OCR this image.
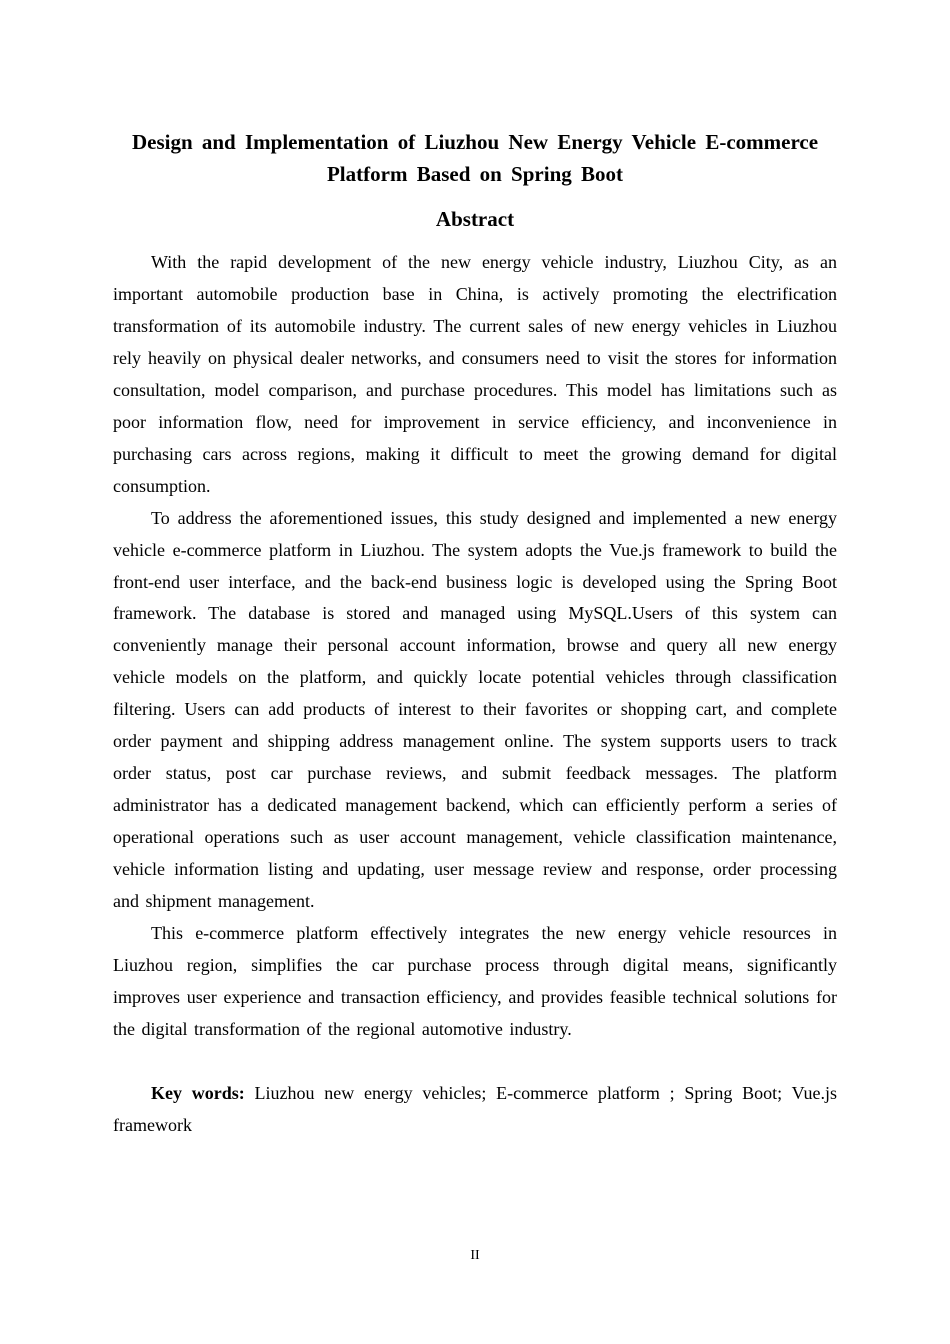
Design and Implementation of Liuzhou New Energy Vehicle E-commerce Platform Based on Spring Boot
Abstract

With the rapid development of the new energy vehicle industry, Liuzhou City, as an important automobile production base in China, is actively promoting the electrification transformation of its automobile industry. The current sales of new energy vehicles in Liuzhou rely heavily on physical dealer networks, and consumers need to visit the stores for information consultation, model comparison, and purchase procedures. This model has limitations such as poor information flow, need for improvement in service efficiency, and inconvenience in purchasing cars across regions, making it difficult to meet the growing demand for digital consumption.

To address the aforementioned issues, this study designed and implemented a new energy vehicle e-commerce platform in Liuzhou. The system adopts the Vue.js framework to build the front-end user interface, and the back-end business logic is developed using the Spring Boot framework. The database is stored and managed using MySQL.Users of this system can conveniently manage their personal account information, browse and query all new energy vehicle models on the platform, and quickly locate potential vehicles through classification filtering. Users can add products of interest to their favorites or shopping cart, and complete order payment and shipping address management online. The system supports users to track order status, post car purchase reviews, and submit feedback messages. The platform administrator has a dedicated management backend, which can efficiently perform a series of operational operations such as user account management, vehicle classification maintenance, vehicle information listing and updating, user message review and response, order processing and shipment management.

This e-commerce platform effectively integrates the new energy vehicle resources in Liuzhou region, simplifies the car purchase process through digital means, significantly improves user experience and transaction efficiency, and provides feasible technical solutions for the digital transformation of the regional automotive industry.

Key words: Liuzhou new energy vehicles; E-commerce platform ; Spring Boot; Vue.js framework

II
